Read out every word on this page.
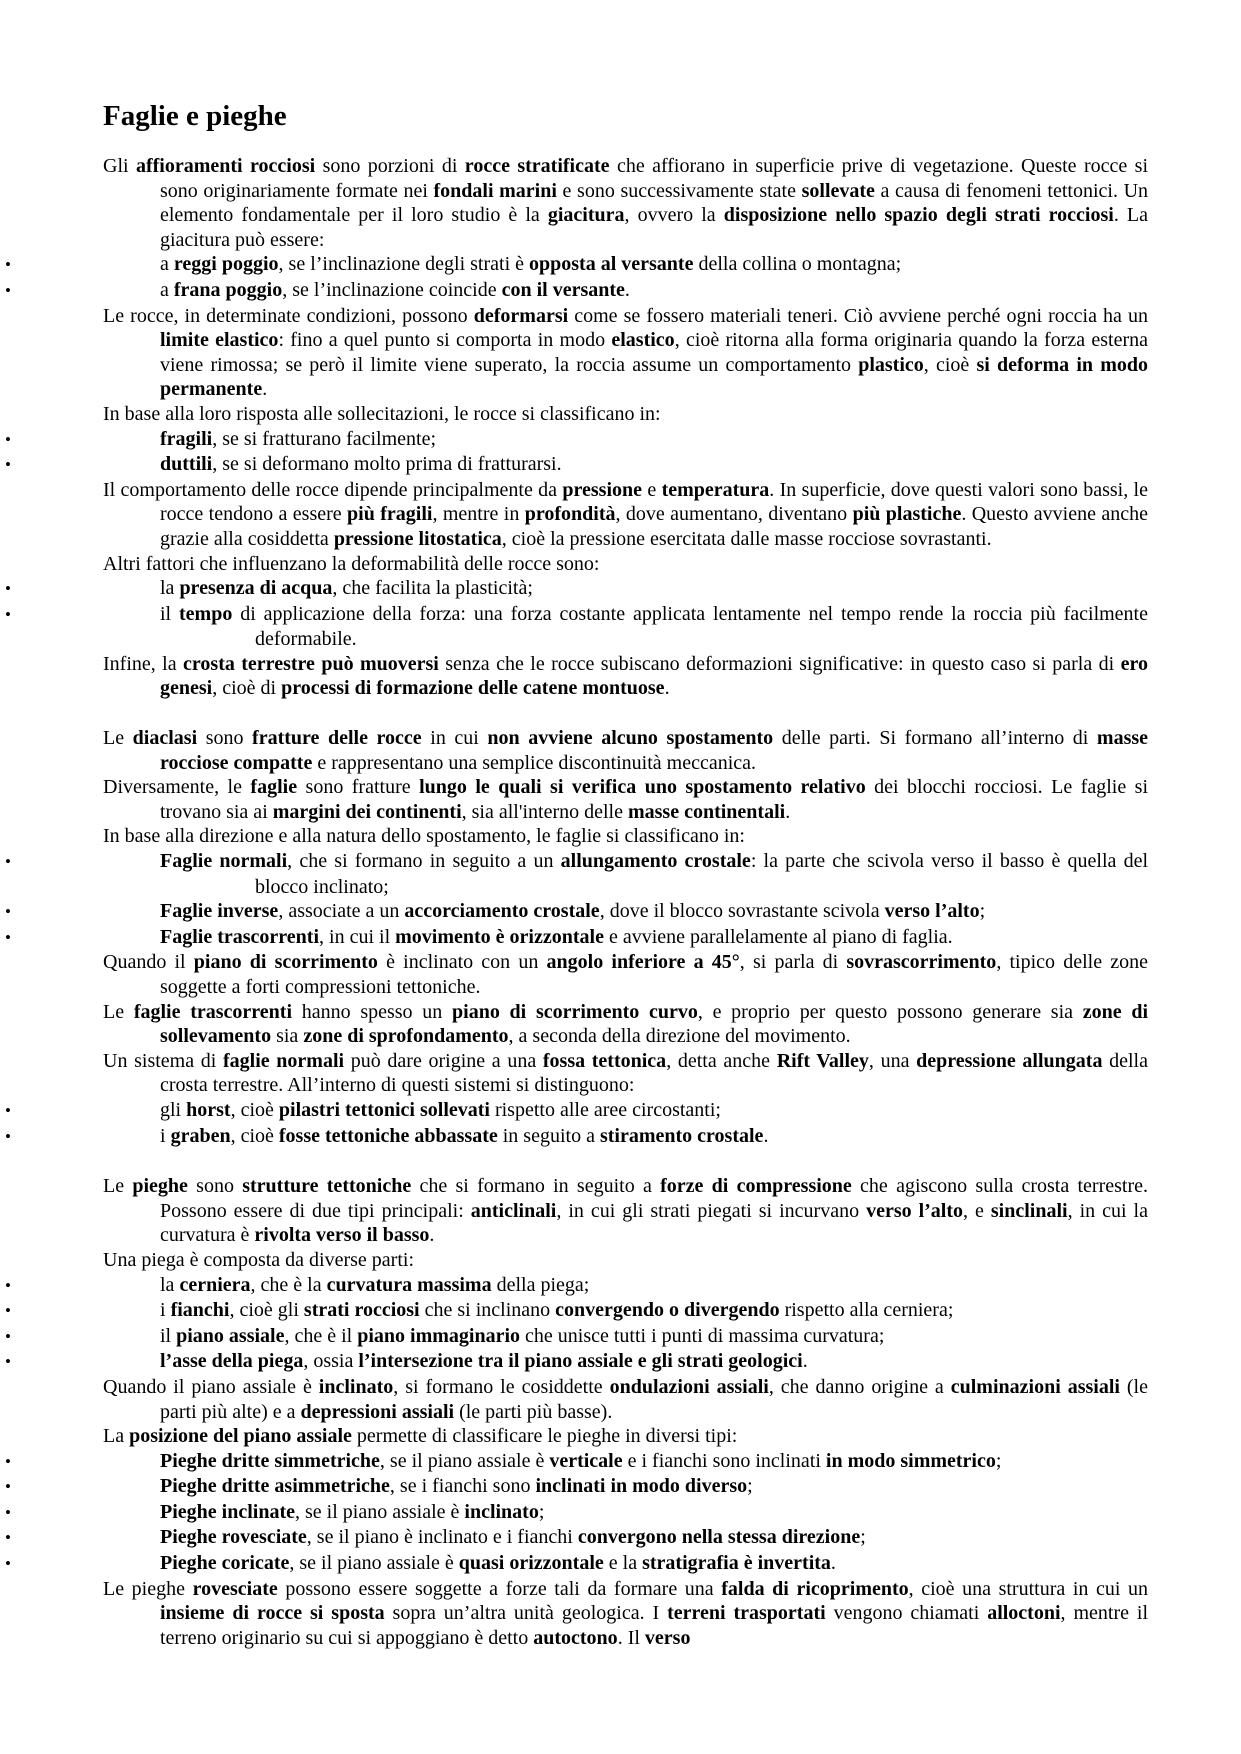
Faglie e pieghe
Gli affioramenti rocciosi sono porzioni di rocce stratificate che affiorano in superficie prive di vegetazione. Queste rocce si sono originariamente formate nei fondali marini e sono successivamente state sollevate a causa di fenomeni tettonici. Un elemento fondamentale per il loro studio è la giacitura, ovvero la disposizione nello spazio degli strati rocciosi. La giacitura può essere:
•	a reggi poggio, se l’inclinazione degli strati è opposta al versante della collina o montagna;
•	a frana poggio, se l’inclinazione coincide con il versante.
Le rocce, in determinate condizioni, possono deformarsi come se fossero materiali teneri. Ciò avviene perché ogni roccia ha un limite elastico: fino a quel punto si comporta in modo elastico, cioè ritorna alla forma originaria quando la forza esterna viene rimossa; se però il limite viene superato, la roccia assume un comportamento plastico, cioè si deforma in modo permanente.
In base alla loro risposta alle sollecitazioni, le rocce si classificano in:
•	fragili, se si fratturano facilmente;
•	duttili, se si deformano molto prima di fratturarsi.
Il comportamento delle rocce dipende principalmente da pressione e temperatura. In superficie, dove questi valori sono bassi, le rocce tendono a essere più fragili, mentre in profondità, dove aumentano, diventano più plastiche. Questo avviene anche grazie alla cosiddetta pressione litostatica, cioè la pressione esercitata dalle masse rocciose sovrastanti.
Altri fattori che influenzano la deformabilità delle rocce sono:
•	la presenza di acqua, che facilita la plasticità;
•	il tempo di applicazione della forza: una forza costante applicata lentamente nel tempo rende la roccia più facilmente deformabile.
Infine, la crosta terrestre può muoversi senza che le rocce subiscano deformazioni significative: in questo caso si parla di ero genesi, cioè di processi di formazione delle catene montuose.
Le diaclasi sono fratture delle rocce in cui non avviene alcuno spostamento delle parti. Si formano all’interno di masse rocciose compatte e rappresentano una semplice discontinuità meccanica.
Diversamente, le faglie sono fratture lungo le quali si verifica uno spostamento relativo dei blocchi rocciosi. Le faglie si trovano sia ai margini dei continenti, sia all'interno delle masse continentali.
In base alla direzione e alla natura dello spostamento, le faglie si classificano in:
•	Faglie normali, che si formano in seguito a un allungamento crostale: la parte che scivola verso il basso è quella del blocco inclinato;
•	Faglie inverse, associate a un accorciamento crostale, dove il blocco sovrastante scivola verso l’alto;
•	Faglie trascorrenti, in cui il movimento è orizzontale e avviene parallelamente al piano di faglia.
Quando il piano di scorrimento è inclinato con un angolo inferiore a 45°, si parla di sovrascorrimento, tipico delle zone soggette a forti compressioni tettoniche.
Le faglie trascorrenti hanno spesso un piano di scorrimento curvo, e proprio per questo possono generare sia zone di sollevamento sia zone di sprofondamento, a seconda della direzione del movimento.
Un sistema di faglie normali può dare origine a una fossa tettonica, detta anche Rift Valley, una depressione allungata della crosta terrestre. All’interno di questi sistemi si distinguono:
•	gli horst, cioè pilastri tettonici sollevati rispetto alle aree circostanti;
•	i graben, cioè fosse tettoniche abbassate in seguito a stiramento crostale.
Le pieghe sono strutture tettoniche che si formano in seguito a forze di compressione che agiscono sulla crosta terrestre. Possono essere di due tipi principali: anticlinali, in cui gli strati piegati si incurvano verso l’alto, e sinclinali, in cui la curvatura è rivolta verso il basso.
Una piega è composta da diverse parti:
•	la cerniera, che è la curvatura massima della piega;
•	i fianchi, cioè gli strati rocciosi che si inclinano convergendo o divergendo rispetto alla cerniera;
•	il piano assiale, che è il piano immaginario che unisce tutti i punti di massima curvatura;
•	l’asse della piega, ossia l’intersezione tra il piano assiale e gli strati geologici.
Quando il piano assiale è inclinato, si formano le cosiddette ondulazioni assiali, che danno origine a culminazioni assiali (le parti più alte) e a depressioni assiali (le parti più basse).
La posizione del piano assiale permette di classificare le pieghe in diversi tipi:
•	Pieghe dritte simmetriche, se il piano assiale è verticale e i fianchi sono inclinati in modo simmetrico;
•	Pieghe dritte asimmetriche, se i fianchi sono inclinati in modo diverso;
•	Pieghe inclinate, se il piano assiale è inclinato;
•	Pieghe rovesciate, se il piano è inclinato e i fianchi convergono nella stessa direzione;
•	Pieghe coricate, se il piano assiale è quasi orizzontale e la stratigrafia è invertita.
Le pieghe rovesciate possono essere soggette a forze tali da formare una falda di ricoprimento, cioè una struttura in cui un insieme di rocce si sposta sopra un’altra unità geologica. I terreni trasportati vengono chiamati alloctoni, mentre il terreno originario su cui si appoggiano è detto autoctono. Il verso
